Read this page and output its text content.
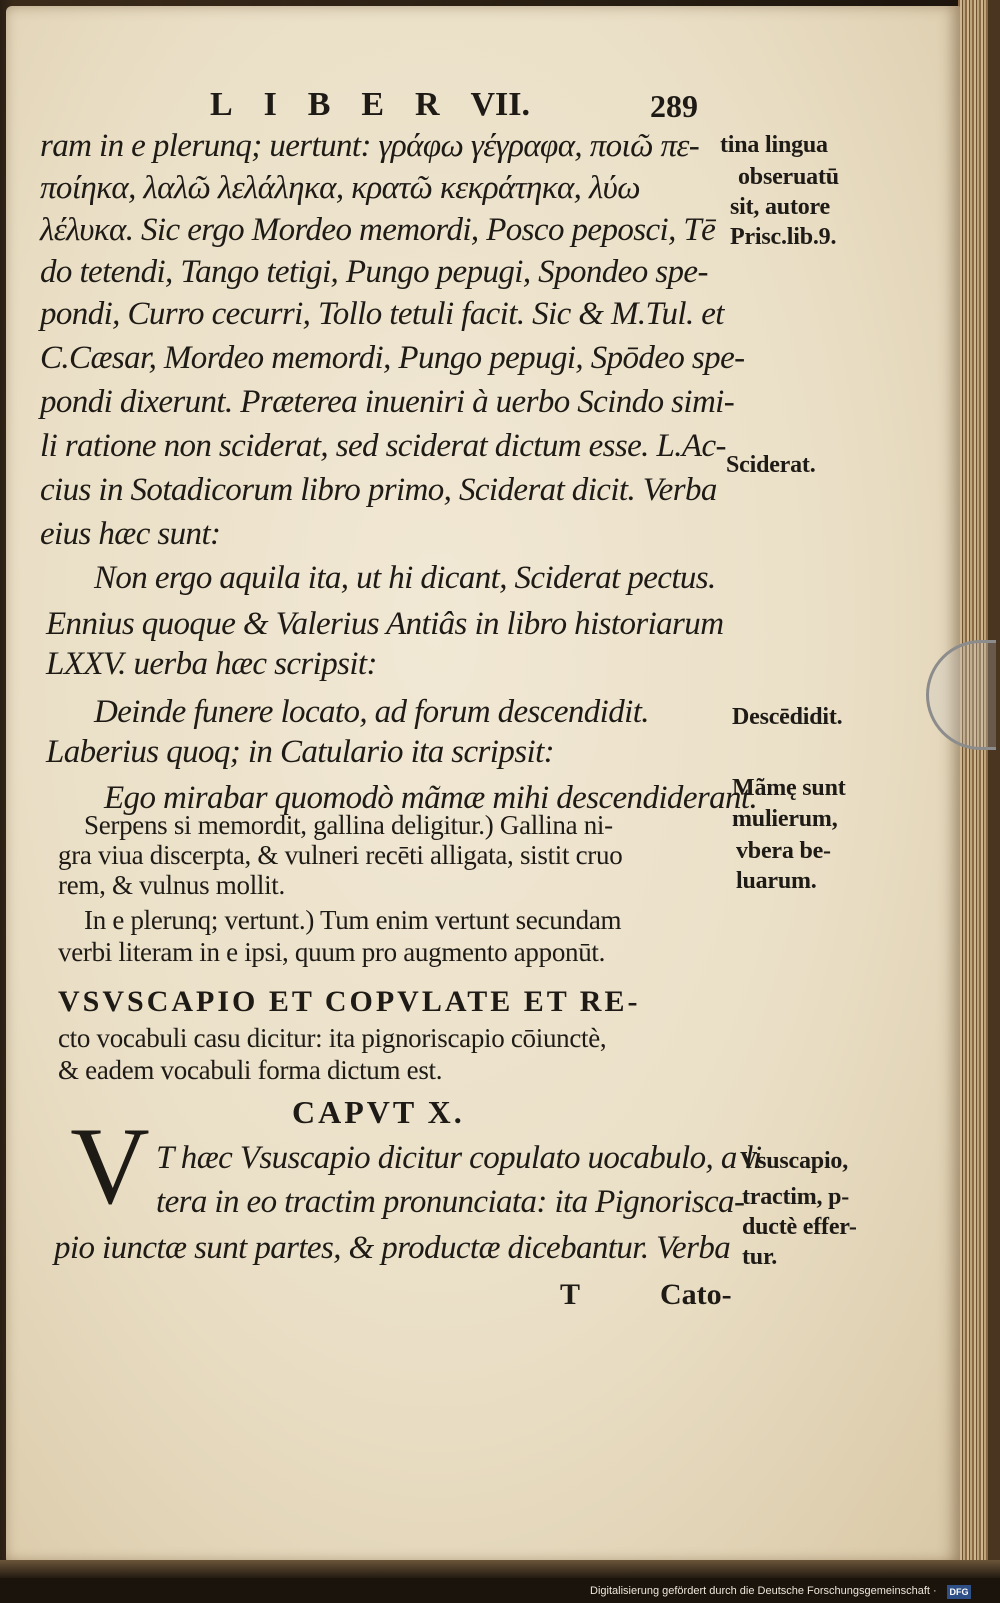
L I B E R VII.	289
ram in e plerunq; uertunt: γράφω γέγραφα, ποιῶ πε-
ποίηκα, λαλῶ λελάληκα, κρατῶ κεκράτηκα, λύω
λέλυκα. Sic ergo Mordeo memordi, Posco peposci, Tē
do tetendi, Tango tetigi, Pungo pepugi, Spondeo spe-
pondi, Curro cecurri, Tollo tetuli facit. Sic & M.Tul. et
C.Cæsar, Mordeo memordi, Pungo pepugi, Spōdeo spe-
pondi dixerunt. Præterea inueniri à uerbo Scindo simi-
li ratione non sciderat, sed sciderat dictum esse. L.Ac-
cius in Sotadicorum libro primo, Sciderat dicit. Verba
eius hæc sunt:
Non ergo aquila ita, ut hi dicant, Sciderat pectus.
Ennius quoque & Valerius Antiâs in libro historiarum
LXXV. uerba hæc scripsit:
Deinde funere locato, ad forum descendidit.
Laberius quoq; in Catulario ita scripsit:
Ego mirabar quomodò mãmæ mihi descendiderant.
Serpens si memordit, gallina deligitur.) Gallina ni-
gra viua discerpta, & vulneri recēti alligata, sistit cruo
rem, & vulnus mollit.
In e plerunq; vertunt.) Tum enim vertunt secundam
verbi literam in e ipsi, quum pro augmento apponūt.
VSVSCAPIO ET COPVLATE ET RE-
cto vocabuli casu dicitur: ita pignoriscapio cōiunctè,
& eadem vocabuli forma dictum est.
CAPVT X.
V T hæc Vsuscapio dicitur copulato uocabulo, a li
tera in eo tractim pronunciata: ita Pignorisca-
pio iunctæ sunt partes, & productæ dicebantur. Verba
T	Cato-
tina lingua
obseruatū
sit, autore
Prisc.lib.9.
Sciderat.
Descēdidit.
Mãmę sunt
mulierum,
vbera be-
luarum.
Vsuscapio,
tractim, p-
ductè effer-
tur.
Digitalisierung gefördert durch die Deutsche Forschungsgemeinschaft ·	DFG
